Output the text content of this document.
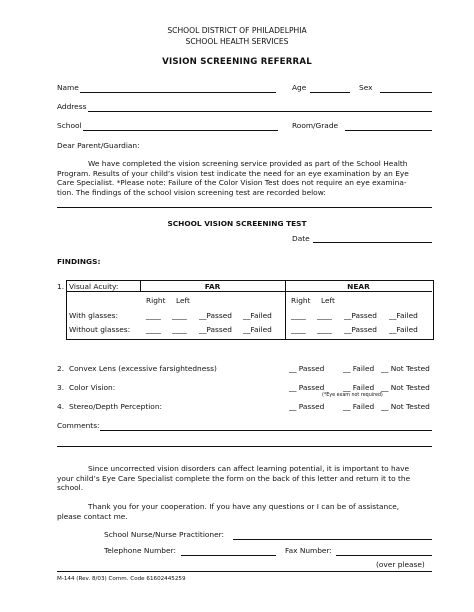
SCHOOL DISTRICT OF PHILADELPHIA
SCHOOL HEALTH SERVICES
VISION SCREENING REFERRAL
Name	Age	Sex
Address
School	Room/Grade
Dear Parent/Guardian:
We have completed the vision screening service provided as part of the School Health
Program. Results of your child’s vision test indicate the need for an eye examination by an Eye
Care Specialist. *Please note: Failure of the Color Vision Test does not require an eye examina-
tion. The findings of the school vision screening test are recorded below:
SCHOOL VISION SCREENING TEST
Date
FINDINGS:
1. Visual Acuity:	FAR	NEAR
Right Left	Right Left
With glasses:	____ ____ __Passed __Failed	____ ____ __Passed __Failed
Without glasses: ____ ____ __Passed __Failed	____ ____ __Passed __Failed
2. Convex Lens (excessive farsightedness)	__ Passed	__ Failed __ Not Tested
3. Color Vision:	__ Passed	__ Failed __ Not Tested
(*Eye exam not required)
4. Stereo/Depth Perception:	__ Passed	__ Failed __ Not Tested
Comments:
Since uncorrected vision disorders can affect learning potential, it is important to have
your child’s Eye Care Specialist complete the form on the back of this letter and return it to the
school.
Thank you for your cooperation. If you have any questions or I can be of assistance,
please contact me.
School Nurse/Nurse Practitioner:
Telephone Number:	Fax Number:
(over please)
M-144 (Rev. 8/03) Comm. Code 61602445259
